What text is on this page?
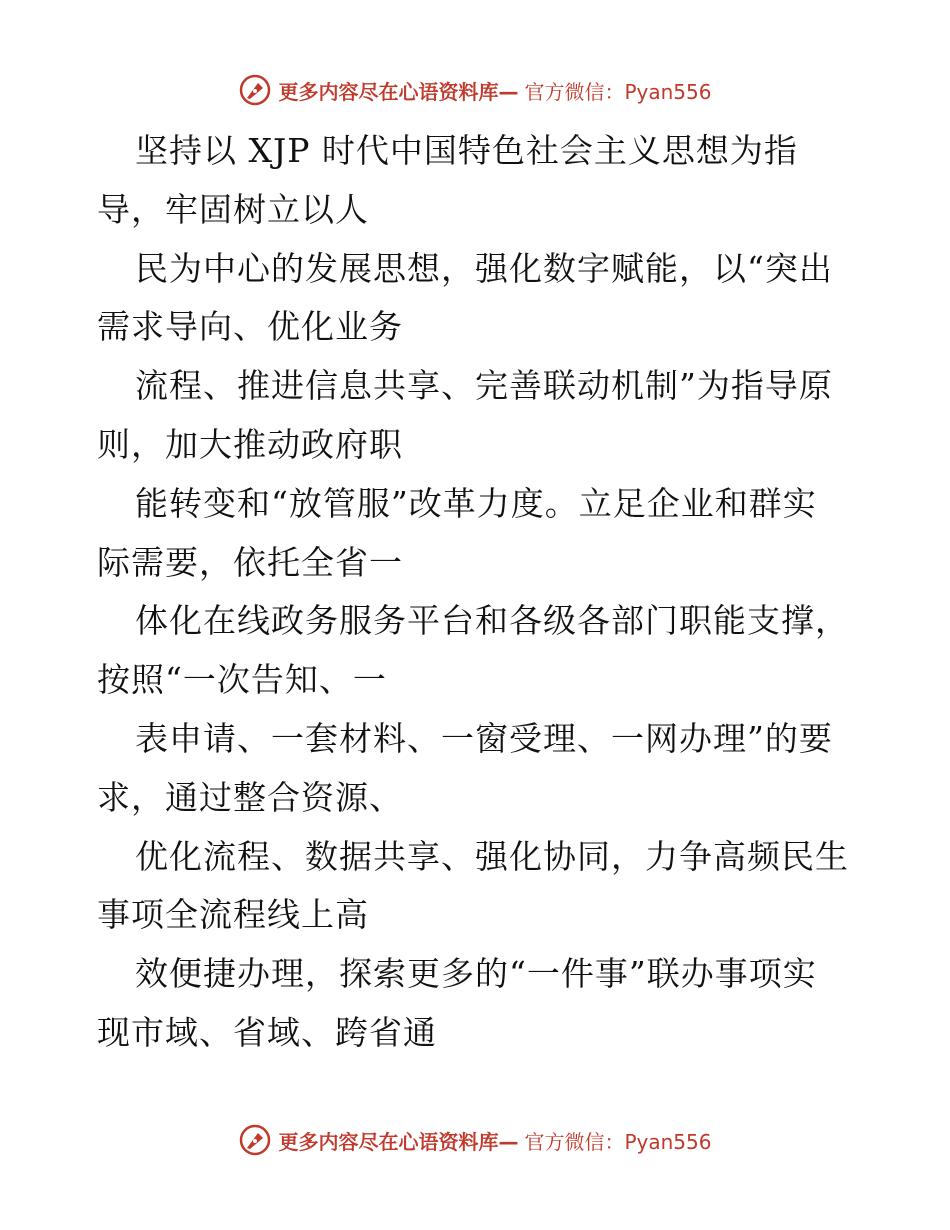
更多内容尽在心语资料库— 官方微信：Pyan556
坚持以 XJP 时代中国特色社会主义思想为指
导，牢固树立以人
民为中心的发展思想，强化数字赋能，以“突出
需求导向、优化业务
流程、推进信息共享、完善联动机制”为指导原
则，加大推动政府职
能转变和“放管服”改革力度。立足企业和群实
际需要，依托全省一
体化在线政务服务平台和各级各部门职能支撑，
按照“一次告知、一
表申请、一套材料、一窗受理、一网办理”的要
求，通过整合资源、
优化流程、数据共享、强化协同，力争高频民生
事项全流程线上高
效便捷办理，探索更多的“一件事”联办事项实
现市域、省域、跨省通
更多内容尽在心语资料库— 官方微信：Pyan556
